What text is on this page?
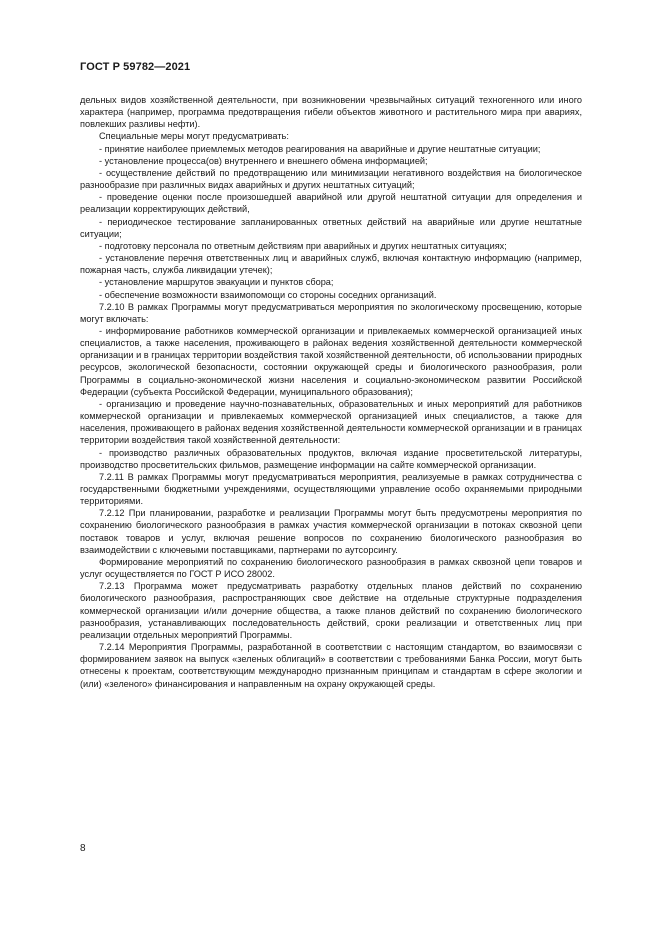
ГОСТ Р 59782—2021

дельных видов хозяйственной деятельности, при возникновении чрезвычайных ситуаций техногенного или иного характера (например, программа предотвращения гибели объектов животного и растительного мира при авариях, повлекших разливы нефти).

Специальные меры могут предусматривать:

- принятие наиболее приемлемых методов реагирования на аварийные и другие нештатные ситуации;

- установление процесса(ов) внутреннего и внешнего обмена информацией;

- осуществление действий по предотвращению или минимизации негативного воздействия на биологическое разнообразие при различных видах аварийных и других нештатных ситуаций;

- проведение оценки после произошедшей аварийной или другой нештатной ситуации для определения и реализации корректирующих действий,

- периодическое тестирование запланированных ответных действий на аварийные или другие нештатные ситуации;

- подготовку персонала по ответным действиям при аварийных и других нештатных ситуациях;

- установление перечня ответственных лиц и аварийных служб, включая контактную информацию (например, пожарная часть, служба ликвидации утечек);

- установление маршрутов эвакуации и пунктов сбора;

- обеспечение возможности взаимопомощи со стороны соседних организаций.

7.2.10 В рамках Программы могут предусматриваться мероприятия по экологическому просвещению, которые могут включать:

- информирование работников коммерческой организации и привлекаемых коммерческой организацией иных специалистов, а также населения, проживающего в районах ведения хозяйственной деятельности коммерческой организации и в границах территории воздействия такой хозяйственной деятельности, об использовании природных ресурсов, экологической безопасности, состоянии окружающей среды и биологического разнообразия, роли Программы в социально-экономической жизни населения и социально-экономическом развитии Российской Федерации (субъекта Российской Федерации, муниципального образования);

- организацию и проведение научно-познавательных, образовательных и иных мероприятий для работников коммерческой организации и привлекаемых коммерческой организацией иных специалистов, а также для населения, проживающего в районах ведения хозяйственной деятельности коммерческой организации и в границах территории воздействия такой хозяйственной деятельности:

- производство различных образовательных продуктов, включая издание просветительской литературы, производство просветительских фильмов, размещение информации на сайте коммерческой организации.

7.2.11 В рамках Программы могут предусматриваться мероприятия, реализуемые в рамках сотрудничества с государственными бюджетными учреждениями, осуществляющими управление особо охраняемыми природными территориями.

7.2.12 При планировании, разработке и реализации Программы могут быть предусмотрены мероприятия по сохранению биологического разнообразия в рамках участия коммерческой организации в потоках сквозной цепи поставок товаров и услуг, включая решение вопросов по сохранению биологического разнообразия во взаимодействии с ключевыми поставщиками, партнерами по аутсорсингу.

Формирование мероприятий по сохранению биологического разнообразия в рамках сквозной цепи товаров и услуг осуществляется по ГОСТ Р ИСО 28002.

7.2.13 Программа может предусматривать разработку отдельных планов действий по сохранению биологического разнообразия, распространяющих свое действие на отдельные структурные подразделения коммерческой организации и/или дочерние общества, а также планов действий по сохранению биологического разнообразия, устанавливающих последовательность действий, сроки реализации и ответственных лиц при реализации отдельных мероприятий Программы.

7.2.14 Мероприятия Программы, разработанной в соответствии с настоящим стандартом, во взаимосвязи с формированием заявок на выпуск «зеленых облигаций» в соответствии с требованиями Банка России, могут быть отнесены к проектам, соответствующим международно признанным принципам и стандартам в сфере экологии и (или) «зеленого» финансирования и направленным на охрану окружающей среды.

8
